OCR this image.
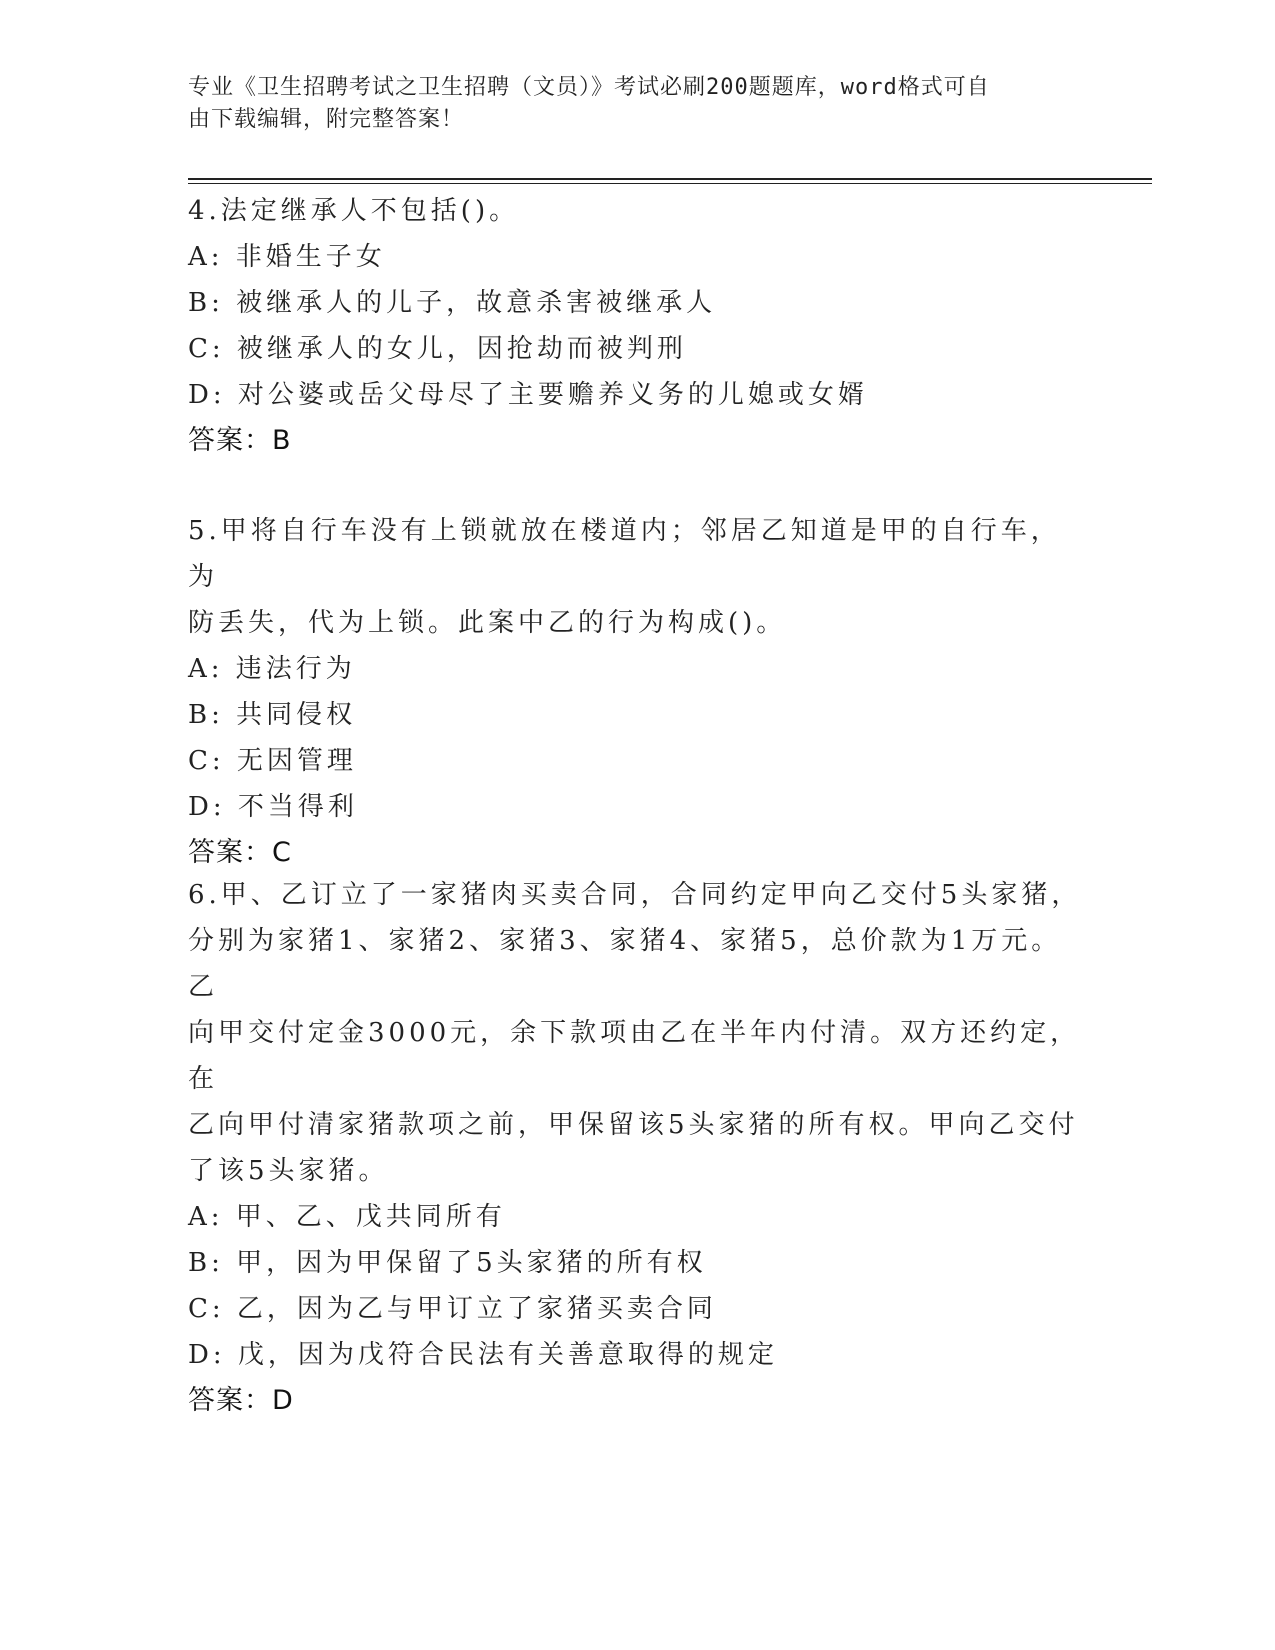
专业《卫生招聘考试之卫生招聘（文员）》考试必刷200题题库，word格式可自
由下载编辑，附完整答案！

4.法定继承人不包括()。

A: 非婚生子女

B: 被继承人的儿子，故意杀害被继承人

C: 被继承人的女儿，因抢劫而被判刑

D: 对公婆或岳父母尽了主要赡养义务的儿媳或女婿

答案：B

5.甲将自行车没有上锁就放在楼道内；邻居乙知道是甲的自行车，为

防丢失，代为上锁。此案中乙的行为构成()。

A: 违法行为

B: 共同侵权

C: 无因管理

D: 不当得利

答案：C

6.甲、乙订立了一家猪肉买卖合同，合同约定甲向乙交付5头家猪，

分别为家猪1、家猪2、家猪3、家猪4、家猪5，总价款为1万元。乙

向甲交付定金3000元，余下款项由乙在半年内付清。双方还约定，在

乙向甲付清家猪款项之前，甲保留该5头家猪的所有权。甲向乙交付

了该5头家猪。

A: 甲、乙、戊共同所有

B: 甲，因为甲保留了5头家猪的所有权

C: 乙，因为乙与甲订立了家猪买卖合同

D: 戊，因为戊符合民法有关善意取得的规定

答案：D
